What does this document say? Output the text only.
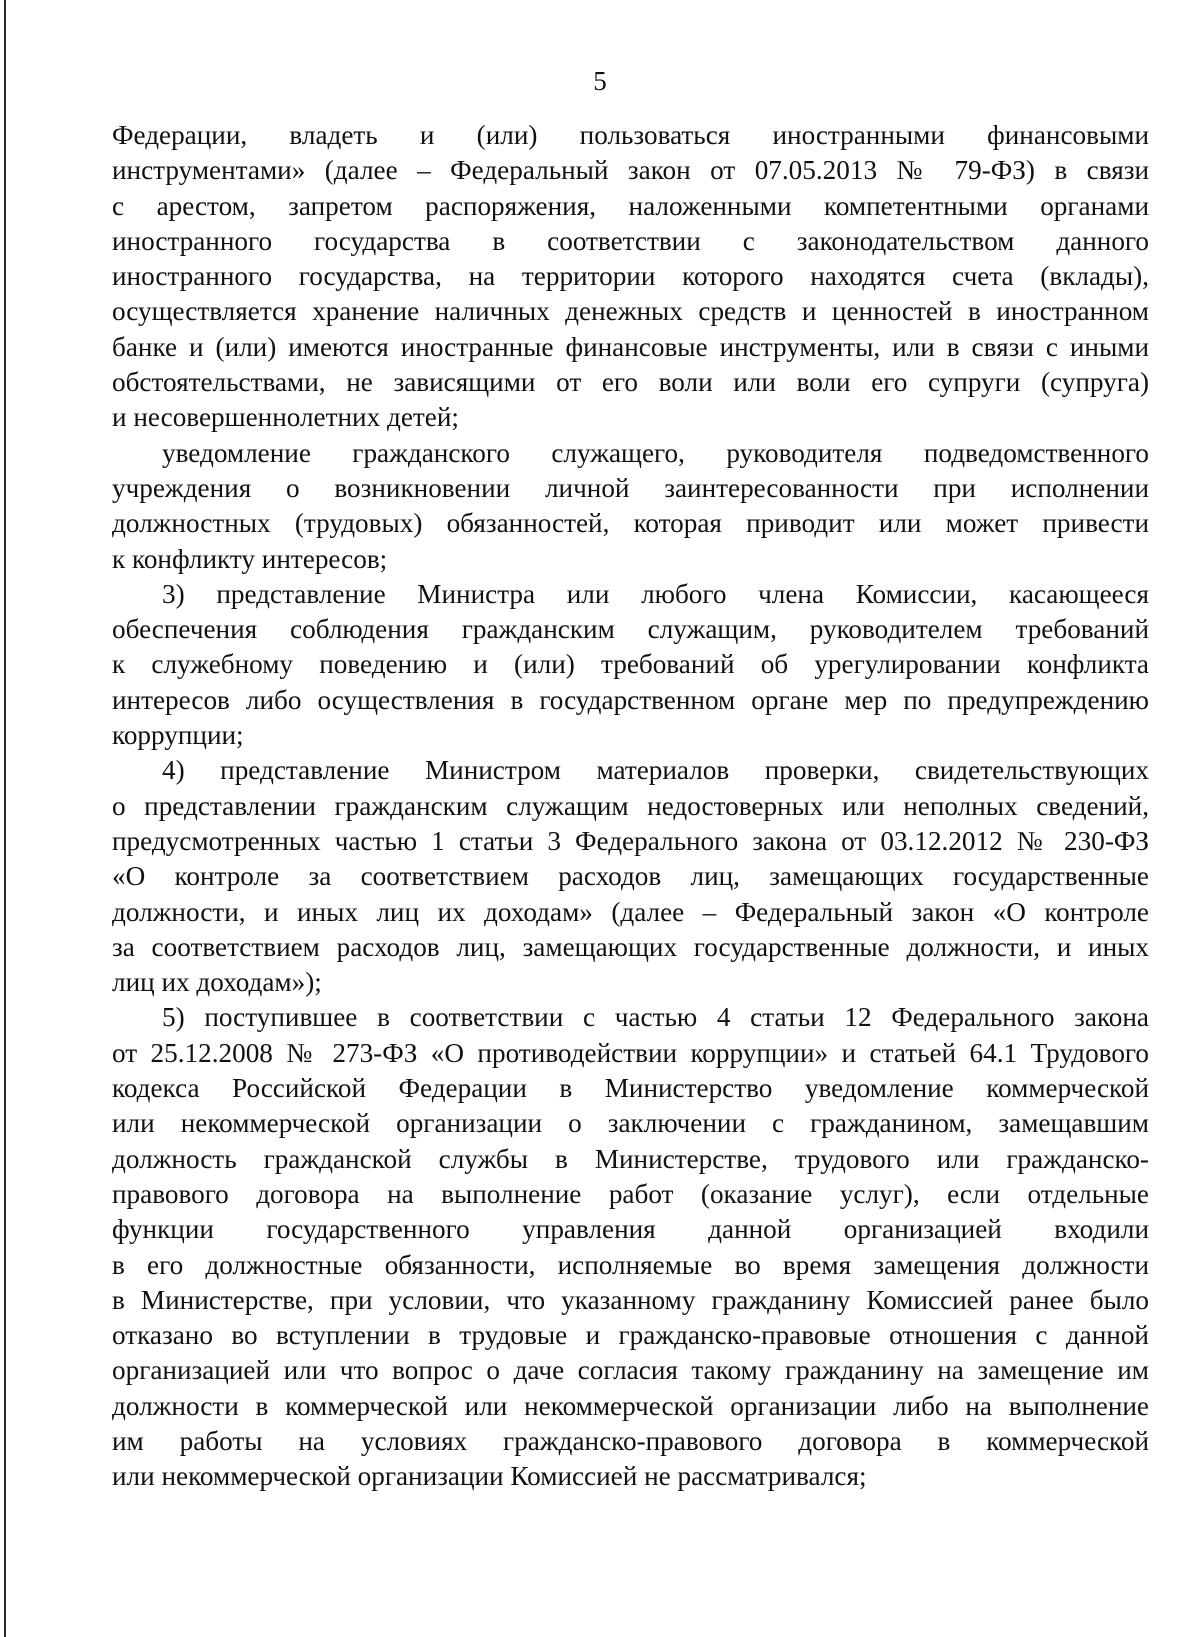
5

Федерации, владеть и (или) пользоваться иностранными финансовыми
инструментами» (далее – Федеральный закон от 07.05.2013 № 79-ФЗ) в связи
с арестом, запретом распоряжения, наложенными компетентными органами
иностранного государства в соответствии с законодательством данного
иностранного государства, на территории которого находятся счета (вклады),
осуществляется хранение наличных денежных средств и ценностей в иностранном
банке и (или) имеются иностранные финансовые инструменты, или в связи с иными
обстоятельствами, не зависящими от его воли или воли его супруги (супруга)
и несовершеннолетних детей;

уведомление гражданского служащего, руководителя подведомственного
учреждения о возникновении личной заинтересованности при исполнении
должностных (трудовых) обязанностей, которая приводит или может привести
к конфликту интересов;

3) представление Министра или любого члена Комиссии, касающееся
обеспечения соблюдения гражданским служащим, руководителем требований
к служебному поведению и (или) требований об урегулировании конфликта
интересов либо осуществления в государственном органе мер по предупреждению
коррупции;

4) представление Министром материалов проверки, свидетельствующих
о представлении гражданским служащим недостоверных или неполных сведений,
предусмотренных частью 1 статьи 3 Федерального закона от 03.12.2012 № 230-ФЗ
«О контроле за соответствием расходов лиц, замещающих государственные
должности, и иных лиц их доходам» (далее – Федеральный закон «О контроле
за соответствием расходов лиц, замещающих государственные должности, и иных
лиц их доходам»);

5) поступившее в соответствии с частью 4 статьи 12 Федерального закона
от 25.12.2008 № 273-ФЗ «О противодействии коррупции» и статьей 64.1 Трудового
кодекса Российской Федерации в Министерство уведомление коммерческой
или некоммерческой организации о заключении с гражданином, замещавшим
должность гражданской службы в Министерстве, трудового или гражданско-
правового договора на выполнение работ (оказание услуг), если отдельные
функции государственного управления данной организацией входили
в его должностные обязанности, исполняемые во время замещения должности
в Министерстве, при условии, что указанному гражданину Комиссией ранее было
отказано во вступлении в трудовые и гражданско-правовые отношения с данной
организацией или что вопрос о даче согласия такому гражданину на замещение им
должности в коммерческой или некоммерческой организации либо на выполнение
им работы на условиях гражданско-правового договора в коммерческой
или некоммерческой организации Комиссией не рассматривался;
